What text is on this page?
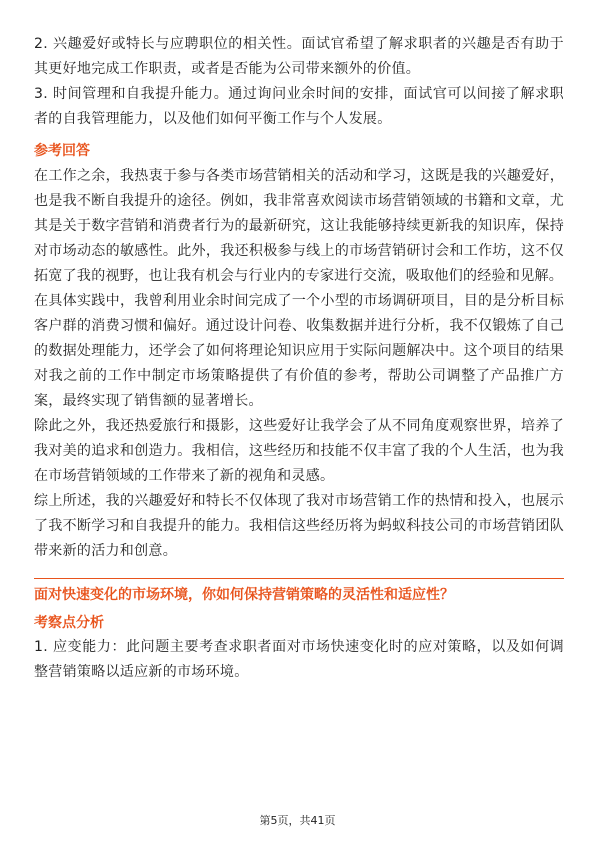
2. 兴趣爱好或特长与应聘职位的相关性。面试官希望了解求职者的兴趣是否有助于其更好地完成工作职责，或者是否能为公司带来额外的价值。

3. 时间管理和自我提升能力。通过询问业余时间的安排，面试官可以间接了解求职者的自我管理能力，以及他们如何平衡工作与个人发展。

参考回答

在工作之余，我热衷于参与各类市场营销相关的活动和学习，这既是我的兴趣爱好，也是我不断自我提升的途径。例如，我非常喜欢阅读市场营销领域的书籍和文章，尤其是关于数字营销和消费者行为的最新研究，这让我能够持续更新我的知识库，保持对市场动态的敏感性。此外，我还积极参与线上的市场营销研讨会和工作坊，这不仅拓宽了我的视野，也让我有机会与行业内的专家进行交流，吸取他们的经验和见解。

在具体实践中，我曾利用业余时间完成了一个小型的市场调研项目，目的是分析目标客户群的消费习惯和偏好。通过设计问卷、收集数据并进行分析，我不仅锻炼了自己的数据处理能力，还学会了如何将理论知识应用于实际问题解决中。这个项目的结果对我之前的工作中制定市场策略提供了有价值的参考，帮助公司调整了产品推广方案，最终实现了销售额的显著增长。

除此之外，我还热爱旅行和摄影，这些爱好让我学会了从不同角度观察世界，培养了我对美的追求和创造力。我相信，这些经历和技能不仅丰富了我的个人生活，也为我在市场营销领域的工作带来了新的视角和灵感。

综上所述，我的兴趣爱好和特长不仅体现了我对市场营销工作的热情和投入，也展示了我不断学习和自我提升的能力。我相信这些经历将为蚂蚁科技公司的市场营销团队带来新的活力和创意。

面对快速变化的市场环境，你如何保持营销策略的灵活性和适应性？
考察点分析

1. 应变能力：此问题主要考查求职者面对市场快速变化时的应对策略，以及如何调整营销策略以适应新的市场环境。

第5页，共41页
